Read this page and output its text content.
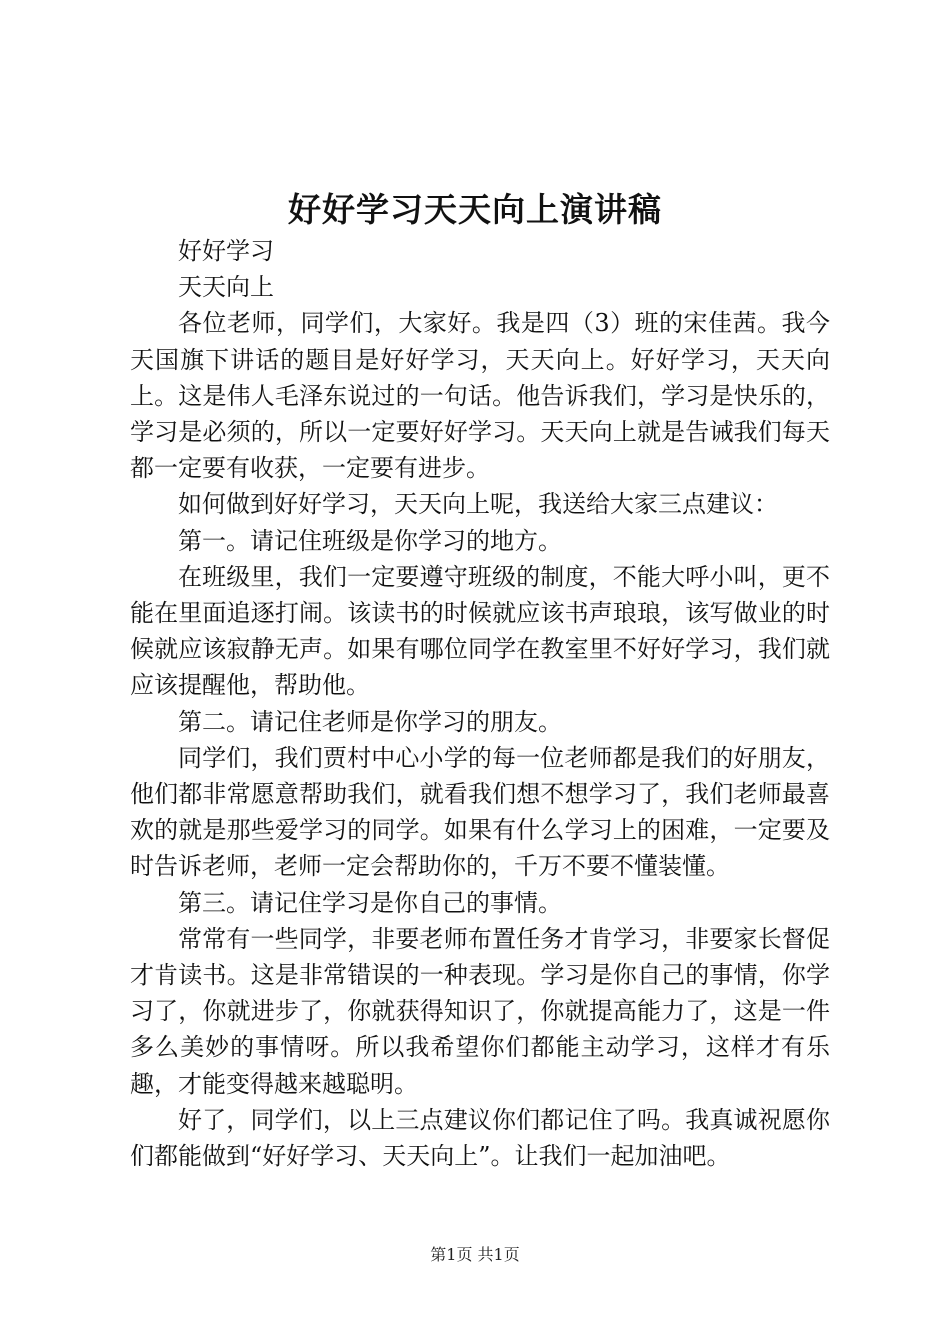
好好学习天天向上演讲稿

好好学习

天天向上

各位老师，同学们，大家好。我是四（3）班的宋佳茜。我今天国旗下讲话的题目是好好学习，天天向上。好好学习，天天向上。这是伟人毛泽东说过的一句话。他告诉我们，学习是快乐的，学习是必须的，所以一定要好好学习。天天向上就是告诫我们每天都一定要有收获，一定要有进步。

如何做到好好学习，天天向上呢，我送给大家三点建议：

第一。请记住班级是你学习的地方。

在班级里，我们一定要遵守班级的制度，不能大呼小叫，更不能在里面追逐打闹。该读书的时候就应该书声琅琅，该写做业的时候就应该寂静无声。如果有哪位同学在教室里不好好学习，我们就应该提醒他，帮助他。

第二。请记住老师是你学习的朋友。

同学们，我们贾村中心小学的每一位老师都是我们的好朋友，他们都非常愿意帮助我们，就看我们想不想学习了，我们老师最喜欢的就是那些爱学习的同学。如果有什么学习上的困难，一定要及时告诉老师，老师一定会帮助你的，千万不要不懂装懂。

第三。请记住学习是你自己的事情。

常常有一些同学，非要老师布置任务才肯学习，非要家长督促才肯读书。这是非常错误的一种表现。学习是你自己的事情，你学习了，你就进步了，你就获得知识了，你就提高能力了，这是一件多么美妙的事情呀。所以我希望你们都能主动学习，这样才有乐趣，才能变得越来越聪明。

好了，同学们，以上三点建议你们都记住了吗。我真诚祝愿你们都能做到“好好学习、天天向上”。让我们一起加油吧。

第1页 共1页
